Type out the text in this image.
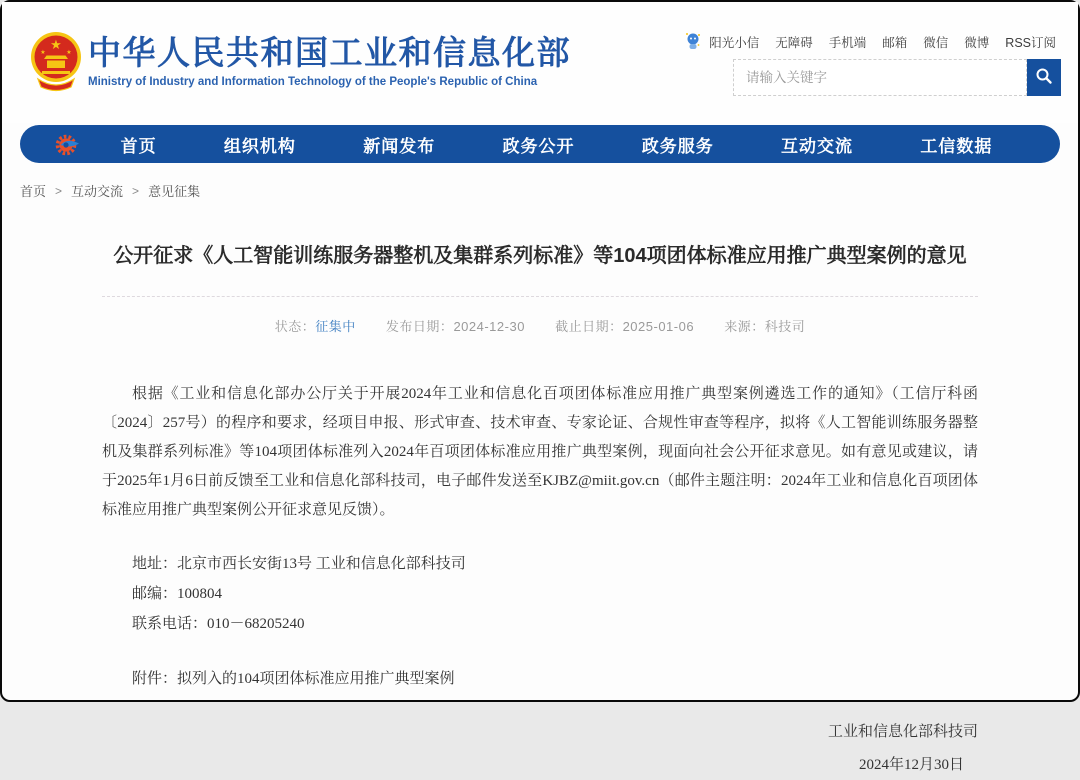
★
★	★ 中华人民共和国工业和信息化部
Ministry of Industry and Information Technology of the People's Republic of China
阳光小信 无障碍 手机端 邮箱 微信 微博 RSS订阅
请输入关键字
首页	组织机构	新闻发布	政务公开	政务服务	互动交流	工信数据
首页 > 互动交流 > 意见征集
公开征求《人工智能训练服务器整机及集群系列标准》等104项团体标准应用推广典型案例的意见
状态：征集中 发布日期：2024-12-30 截止日期：2025-01-06 来源：科技司

根据《工业和信息化部办公厅关于开展2024年工业和信息化百项团体标准应用推广典型案例遴选工作的通知》（工信厅科函〔2024〕257号）的程序和要求，经项目申报、形式审查、技术审查、专家论证、合规性审查等程序，拟将《人工智能训练服务器整机及集群系列标准》等104项团体标准列入2024年百项团体标准应用推广典型案例，现面向社会公开征求意见。如有意见或建议，请于2025年1月6日前反馈至工业和信息化部科技司，电子邮件发送至KJBZ@miit.gov.cn（邮件主题注明：2024年工业和信息化百项团体标准应用推广典型案例公开征求意见反馈）。

地址：北京市西长安街13号 工业和信息化部科技司
邮编：100804
联系电话：010－68205240
附件：拟列入的104项团体标准应用推广典型案例
工业和信息化部科技司
2024年12月30日
